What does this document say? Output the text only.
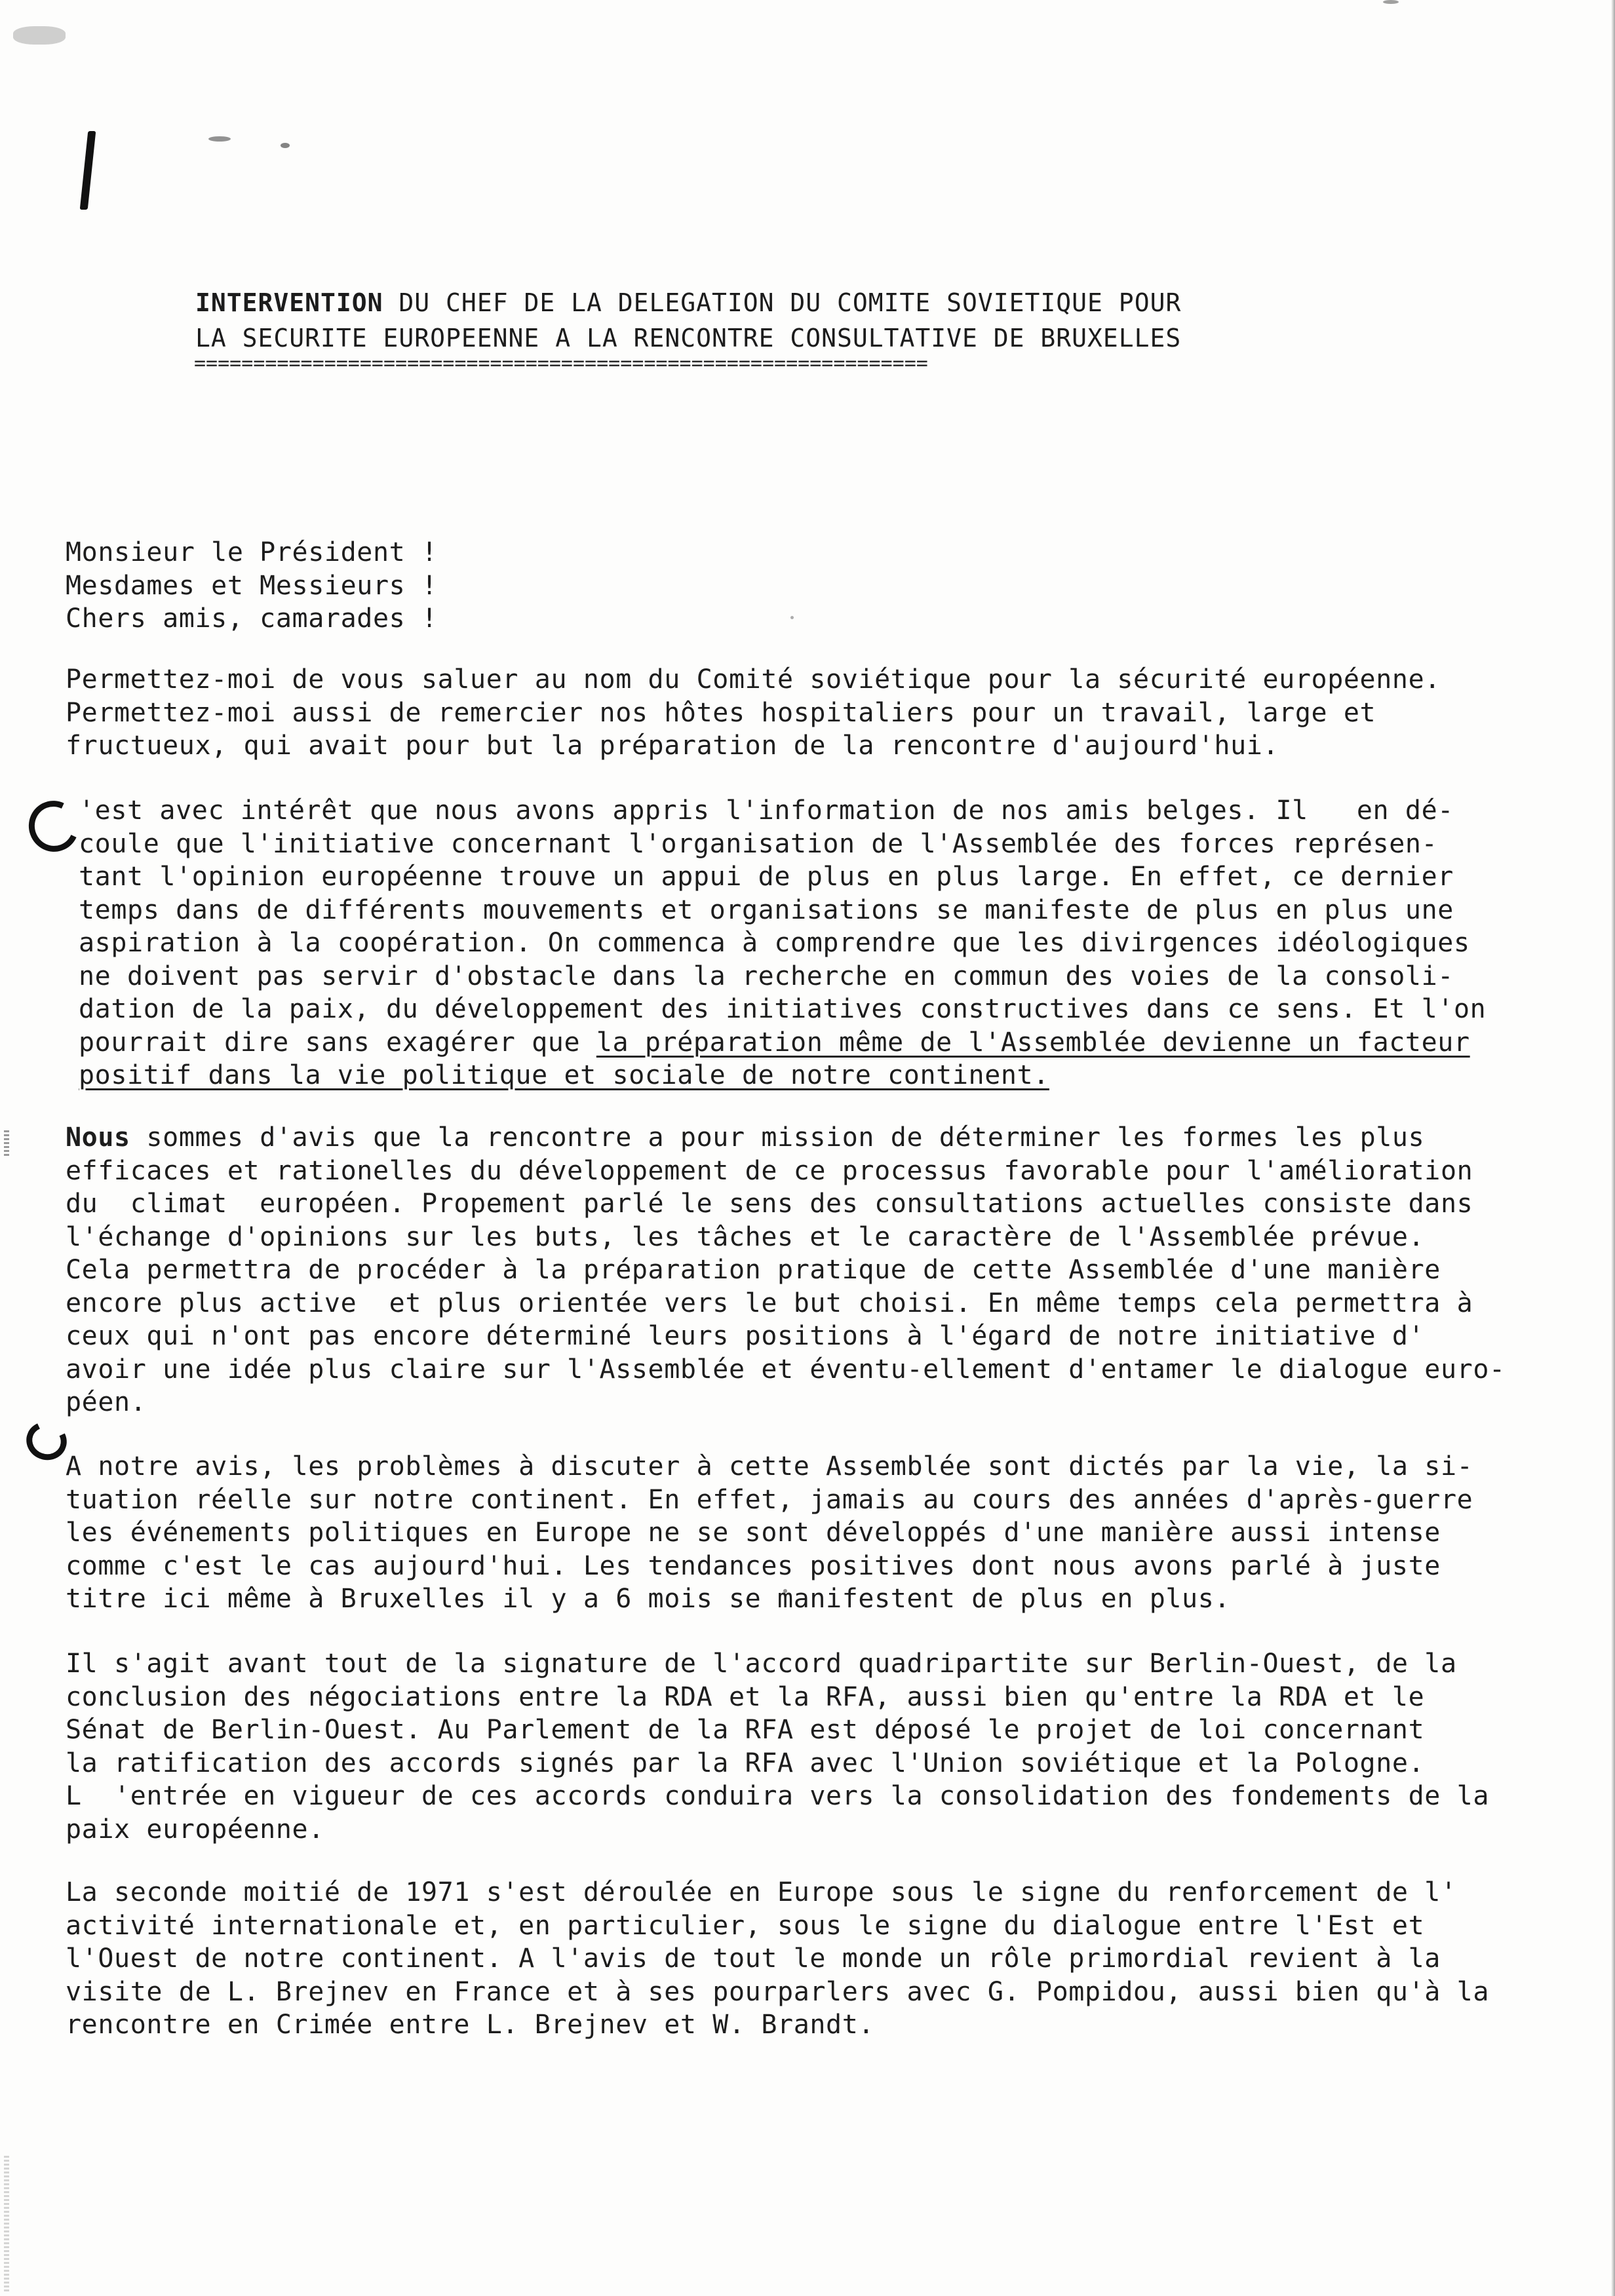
INTERVENTION DU CHEF DE LA DELEGATION DU COMITE SOVIETIQUE POUR
LA SECURITE EUROPEENNE A LA RENCONTRE CONSULTATIVE DE BRUXELLES
==============================================================
Monsieur le Président !
Mesdames et Messieurs !
Chers amis, camarades !
Permettez-moi de vous saluer au nom du Comité soviétique pour la sécurité européenne.
Permettez-moi aussi de remercier nos hôtes hospitaliers pour un travail, large et
fructueux, qui avait pour but la préparation de la rencontre d'aujourd'hui.
'est avec intérêt que nous avons appris l'information de nos amis belges. Il   en dé-
coule que l'initiative concernant l'organisation de l'Assemblée des forces représen-
tant l'opinion européenne trouve un appui de plus en plus large. En effet, ce dernier
temps dans de différents mouvements et organisations se manifeste de plus en plus une
aspiration à la coopération. On commenca à comprendre que les divirgences idéologiques
ne doivent pas servir d'obstacle dans la recherche en commun des voies de la consoli-
dation de la paix, du développement des initiatives constructives dans ce sens. Et l'on
pourrait dire sans exagérer que la préparation même de l'Assemblée devienne un facteur
positif dans la vie politique et sociale de notre continent.
Nous sommes d'avis que la rencontre a pour mission de déterminer les formes les plus
efficaces et rationelles du développement de ce processus favorable pour l'amélioration
du  climat  européen. Propement parlé le sens des consultations actuelles consiste dans
l'échange d'opinions sur les buts, les tâches et le caractère de l'Assemblée prévue.
Cela permettra de procéder à la préparation pratique de cette Assemblée d'une manière
encore plus active  et plus orientée vers le but choisi. En même temps cela permettra à
ceux qui n'ont pas encore déterminé leurs positions à l'égard de notre initiative d'
avoir une idée plus claire sur l'Assemblée et éventu-ellement d'entamer le dialogue euro-
péen.
A notre avis, les problèmes à discuter à cette Assemblée sont dictés par la vie, la si-
tuation réelle sur notre continent. En effet, jamais au cours des années d'après-guerre
les événements politiques en Europe ne se sont développés d'une manière aussi intense
comme c'est le cas aujourd'hui. Les tendances positives dont nous avons parlé à juste
titre ici même à Bruxelles il y a 6 mois se manifestent de plus en plus.
Il s'agit avant tout de la signature de l'accord quadripartite sur Berlin-Ouest, de la
conclusion des négociations entre la RDA et la RFA, aussi bien qu'entre la RDA et le
Sénat de Berlin-Ouest. Au Parlement de la RFA est déposé le projet de loi concernant
la ratification des accords signés par la RFA avec l'Union soviétique et la Pologne.
L  'entrée en vigueur de ces accords conduira vers la consolidation des fondements de la
paix européenne.
La seconde moitié de 1971 s'est déroulée en Europe sous le signe du renforcement de l'
activité internationale et, en particulier, sous le signe du dialogue entre l'Est et
l'Ouest de notre continent. A l'avis de tout le monde un rôle primordial revient à la
visite de L. Brejnev en France et à ses pourparlers avec G. Pompidou, aussi bien qu'à la
rencontre en Crimée entre L. Brejnev et W. Brandt.
